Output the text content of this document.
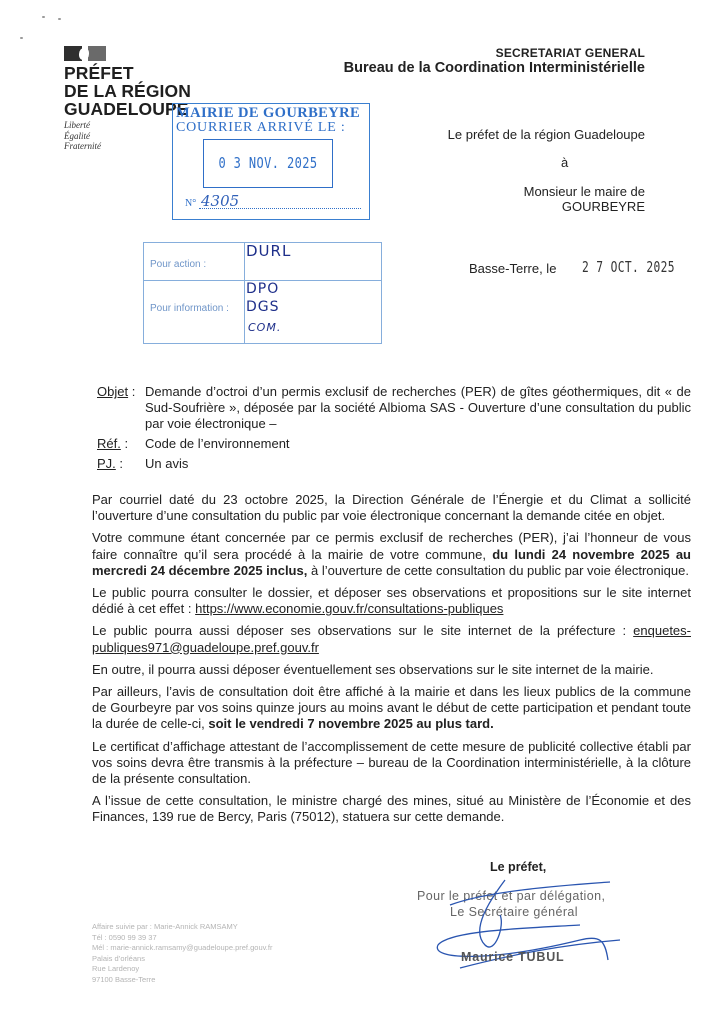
PRÉFET
DE LA RÉGION
GUADELOUPE
Liberté
Égalité
Fraternité
SECRETARIAT GENERAL
Bureau de la Coordination Interministérielle
MAIRIE DE GOURBEYRE
COURRIER ARRIVÉ LE :
0 3 NOV. 2025
N° 4305
Pour action :
Pour information :
DURL
DPO
DGS
COM.
Le préfet de la région Guadeloupe
à
Monsieur le maire de
GOURBEYRE
Basse-Terre, le 2 7 OCT. 2025
Objet : Demande d’octroi d’un permis exclusif de recherches (PER) de gîtes géothermiques, dit « de Sud-Soufrière », déposée par la société Albioma SAS - Ouverture d’une consultation du public par voie électronique –
Réf. :	Code de l’environnement
PJ. :	Un avis

Par courriel daté du 23 octobre 2025, la Direction Générale de l’Énergie et du Climat a sollicité l’ouverture d’une consultation du public par voie électronique concernant la demande citée en objet.

Votre commune étant concernée par ce permis exclusif de recherches (PER), j’ai l’honneur de vous faire connaître qu’il sera procédé à la mairie de votre commune, du lundi 24 novembre 2025 au mercredi 24 décembre 2025 inclus, à l’ouverture de cette consultation du public par voie électronique.

Le public pourra consulter le dossier, et déposer ses observations et propositions sur le site internet dédié à cet effet : https://www.economie.gouv.fr/consultations-publiques

Le public pourra aussi déposer ses observations sur le site internet de la préfecture : enquetes-publiques971@guadeloupe.pref.gouv.fr

En outre, il pourra aussi déposer éventuellement ses observations sur le site internet de la mairie.

Par ailleurs, l’avis de consultation doit être affiché à la mairie et dans les lieux publics de la commune de Gourbeyre par vos soins quinze jours au moins avant le début de cette participation et pendant toute la durée de celle-ci, soit le vendredi 7 novembre 2025 au plus tard.

Le certificat d’affichage attestant de l’accomplissement de cette mesure de publicité collective établi par vos soins devra être transmis à la préfecture – bureau de la Coordination interministérielle, à la clôture de la présente consultation.

A l’issue de cette consultation, le ministre chargé des mines, situé au Ministère de l’Économie et des Finances, 139 rue de Bercy, Paris (75012), statuera sur cette demande.

Le préfet,
Pour le préfet et par délégation,
Le Secrétaire général
Maurice TUBUL
Affaire suivie par : Marie-Annick RAMSAMY
Tél : 0590 99 39 37
Mél : marie-annick.ramsamy@guadeloupe.pref.gouv.fr
Palais d’orléans
Rue Lardenoy
97100 Basse-Terre
